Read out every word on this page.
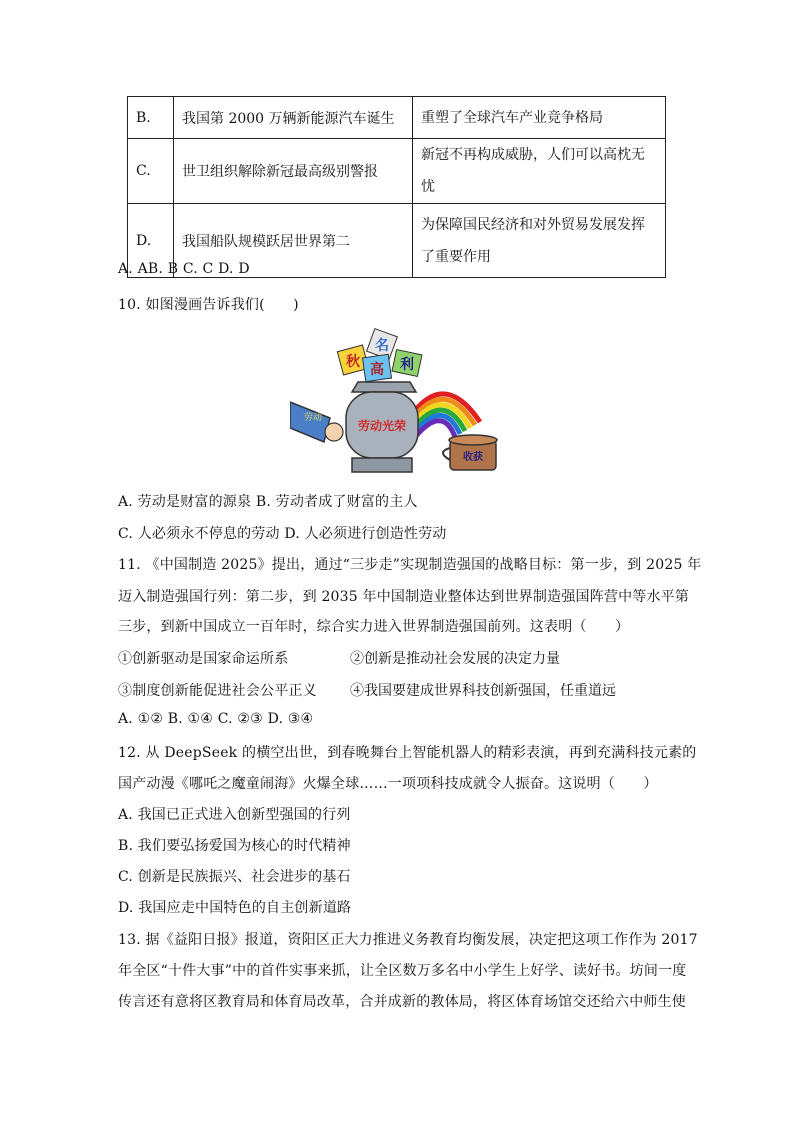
B.	我国第 2000 万辆新能源汽车诞生	重塑了全球汽车产业竞争格局
C.	世卫组织解除新冠最高级别警报	新冠不再构成威胁，人们可以高枕无忧
D.	我国船队规模跃居世界第二	为保障国民经济和对外贸易发展发挥了重要作用
A. AB. B C. C D. D
10. 如图漫画告诉我们(　　)
收获
劳动光荣
劳动
秋
名
高 利
A. 劳动是财富的源泉 B. 劳动者成了财富的主人
C. 人必须永不停息的劳动 D. 人必须进行创造性劳动
11. 《中国制造 2025》提出，通过“三步走”实现制造强国的战略目标：第一步，到 2025 年
迈入制造强国行列：第二步，到 2035 年中国制造业整体达到世界制造强国阵营中等水平第
三步，到新中国成立一百年时，综合实力进入世界制造强国前列。这表明（　　）
①创新驱动是国家命运所系	②创新是推动社会发展的决定力量
③制度创新能促进社会公平正义 ④我国要建成世界科技创新强国，任重道远
A. ①② B. ①④ C. ②③ D. ③④
12. 从 DeepSeek 的横空出世，到春晚舞台上智能机器人的精彩表演，再到充满科技元素的
国产动漫《哪吒之魔童闹海》火爆全球……一项项科技成就令人振奋。这说明（　　）
A. 我国已正式进入创新型强国的行列
B. 我们要弘扬爱国为核心的时代精神
C. 创新是民族振兴、社会进步的基石
D. 我国应走中国特色的自主创新道路
13. 据《益阳日报》报道，资阳区正大力推进义务教育均衡发展，决定把这项工作作为 2017
年全区“十件大事”中的首件实事来抓，让全区数万多名中小学生上好学、读好书。坊间一度
传言还有意将区教育局和体育局改革，合并成新的教体局，将区体育场馆交还给六中师生使
